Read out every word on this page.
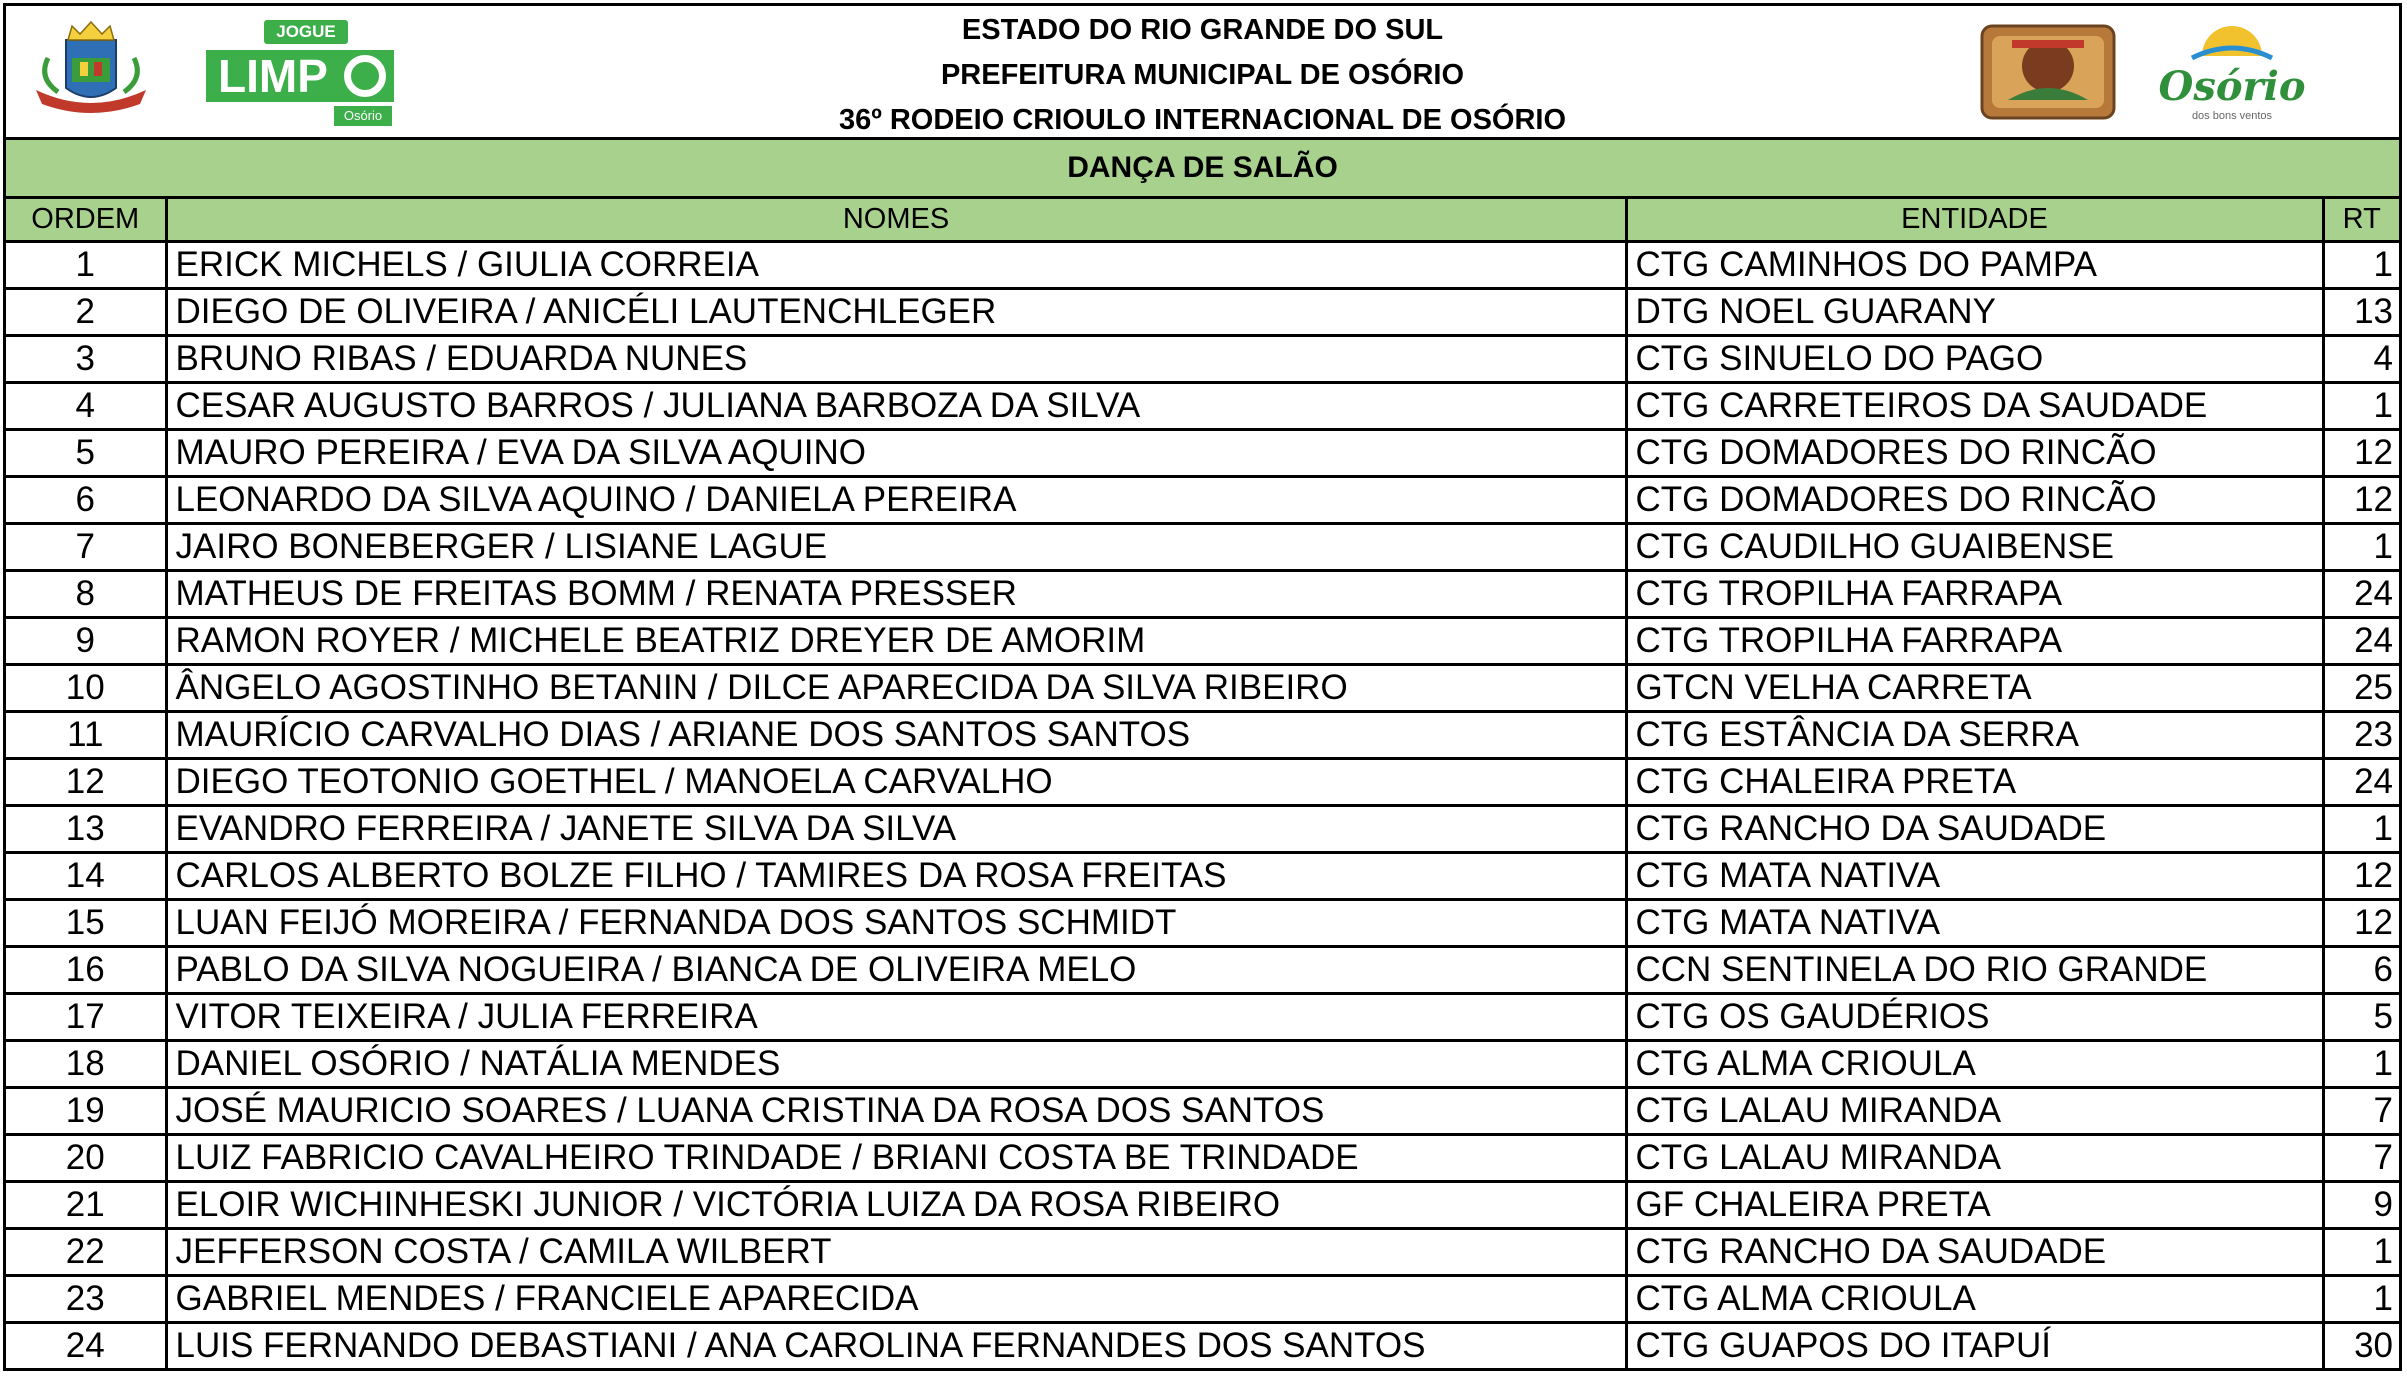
JOGUE
LIMP
Osório
ESTADO DO RIO GRANDE DO SUL
PREFEITURA MUNICIPAL DE OSÓRIO
36º RODEIO CRIOULO INTERNACIONAL DE OSÓRIO
Osório
dos bons ventos
DANÇA DE SALÃO
ORDEM	NOMES	ENTIDADE	RT
1	ERICK MICHELS / GIULIA CORREIA	CTG CAMINHOS DO PAMPA	1
2	DIEGO DE OLIVEIRA / ANICÉLI LAUTENCHLEGER	DTG NOEL GUARANY	13
3	BRUNO RIBAS / EDUARDA NUNES	CTG SINUELO DO PAGO	4
4	CESAR AUGUSTO BARROS / JULIANA BARBOZA DA SILVA	CTG CARRETEIROS DA SAUDADE	1
5	MAURO PEREIRA / EVA DA SILVA AQUINO	CTG DOMADORES DO RINCÃO	12
6	LEONARDO DA SILVA AQUINO / DANIELA PEREIRA	CTG DOMADORES DO RINCÃO	12
7	JAIRO BONEBERGER / LISIANE LAGUE	CTG CAUDILHO GUAIBENSE	1
8	MATHEUS DE FREITAS BOMM / RENATA PRESSER	CTG TROPILHA FARRAPA	24
9	RAMON ROYER / MICHELE BEATRIZ DREYER DE AMORIM	CTG TROPILHA FARRAPA	24
10	ÂNGELO AGOSTINHO BETANIN / DILCE APARECIDA DA SILVA RIBEIRO	GTCN VELHA CARRETA	25
11	MAURÍCIO CARVALHO DIAS / ARIANE DOS SANTOS SANTOS	CTG ESTÂNCIA DA SERRA	23
12	DIEGO TEOTONIO GOETHEL / MANOELA CARVALHO	CTG CHALEIRA PRETA	24
13	EVANDRO FERREIRA / JANETE SILVA DA SILVA	CTG RANCHO DA SAUDADE	1
14	CARLOS ALBERTO BOLZE FILHO / TAMIRES DA ROSA FREITAS	CTG MATA NATIVA	12
15	LUAN FEIJÓ MOREIRA / FERNANDA DOS SANTOS SCHMIDT	CTG MATA NATIVA	12
16	PABLO DA SILVA NOGUEIRA / BIANCA DE OLIVEIRA MELO	CCN SENTINELA DO RIO GRANDE	6
17	VITOR TEIXEIRA / JULIA FERREIRA	CTG OS GAUDÉRIOS	5
18	DANIEL OSÓRIO / NATÁLIA MENDES	CTG ALMA CRIOULA	1
19	JOSÉ MAURICIO SOARES / LUANA CRISTINA DA ROSA DOS SANTOS	CTG LALAU MIRANDA	7
20	LUIZ FABRICIO CAVALHEIRO TRINDADE / BRIANI COSTA BE TRINDADE	CTG LALAU MIRANDA	7
21	ELOIR WICHINHESKI JUNIOR / VICTÓRIA LUIZA DA ROSA RIBEIRO	GF CHALEIRA PRETA	9
22	JEFFERSON COSTA / CAMILA WILBERT	CTG RANCHO DA SAUDADE	1
23	GABRIEL MENDES / FRANCIELE APARECIDA	CTG ALMA CRIOULA	1
24	LUIS FERNANDO DEBASTIANI / ANA CAROLINA FERNANDES DOS SANTOS	CTG GUAPOS DO ITAPUÍ	30
